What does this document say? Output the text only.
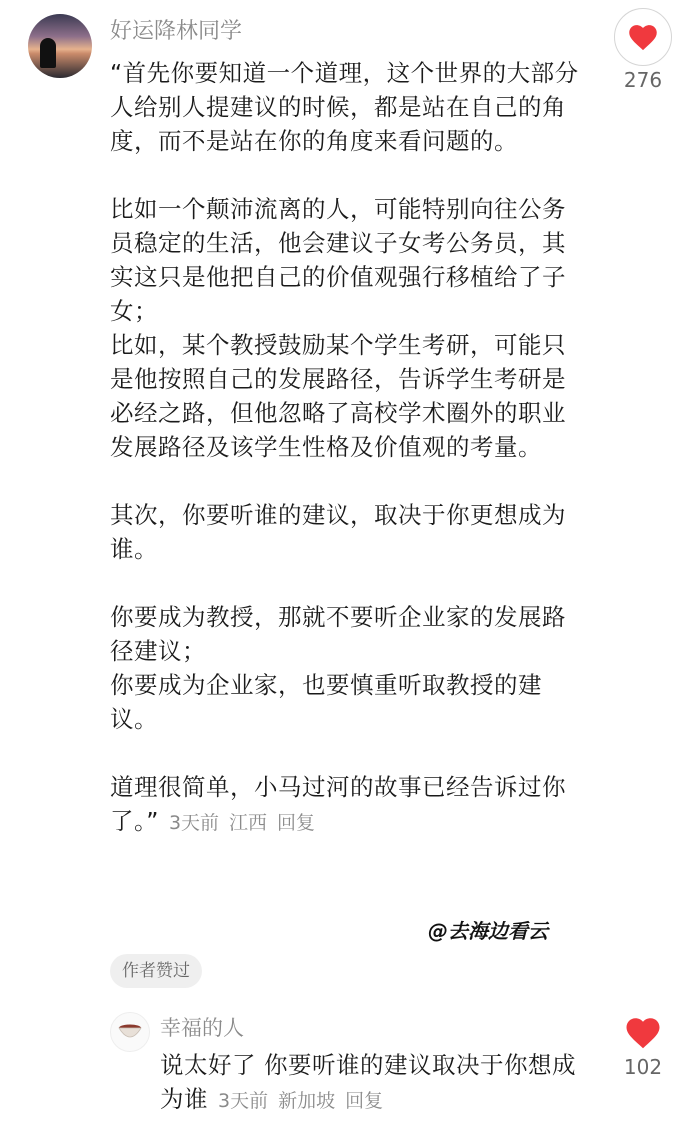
好运降林同学

“首先你要知道一个道理，这个世界的大部分人给别人提建议的时候，都是站在自己的角度，而不是站在你的角度来看问题的。

比如一个颠沛流离的人，可能特别向往公务员稳定的生活，他会建议子女考公务员，其实这只是他把自己的价值观强行移植给了子女；

比如，某个教授鼓励某个学生考研，可能只是他按照自己的发展路径，告诉学生考研是必经之路，但他忽略了高校学术圈外的职业发展路径及该学生性格及价值观的考量。

其次，你要听谁的建议，取决于你更想成为谁。

你要成为教授，那就不要听企业家的发展路径建议；

你要成为企业家，也要慎重听取教授的建议。

道理很简单，小马过河的故事已经告诉过你了。” 3天前 江西 回复

@去海边看云
276
作者赞过
幸福的人
说太好了 你要听谁的建议取决于你想成为谁 3天前 新加坡 回复
102
